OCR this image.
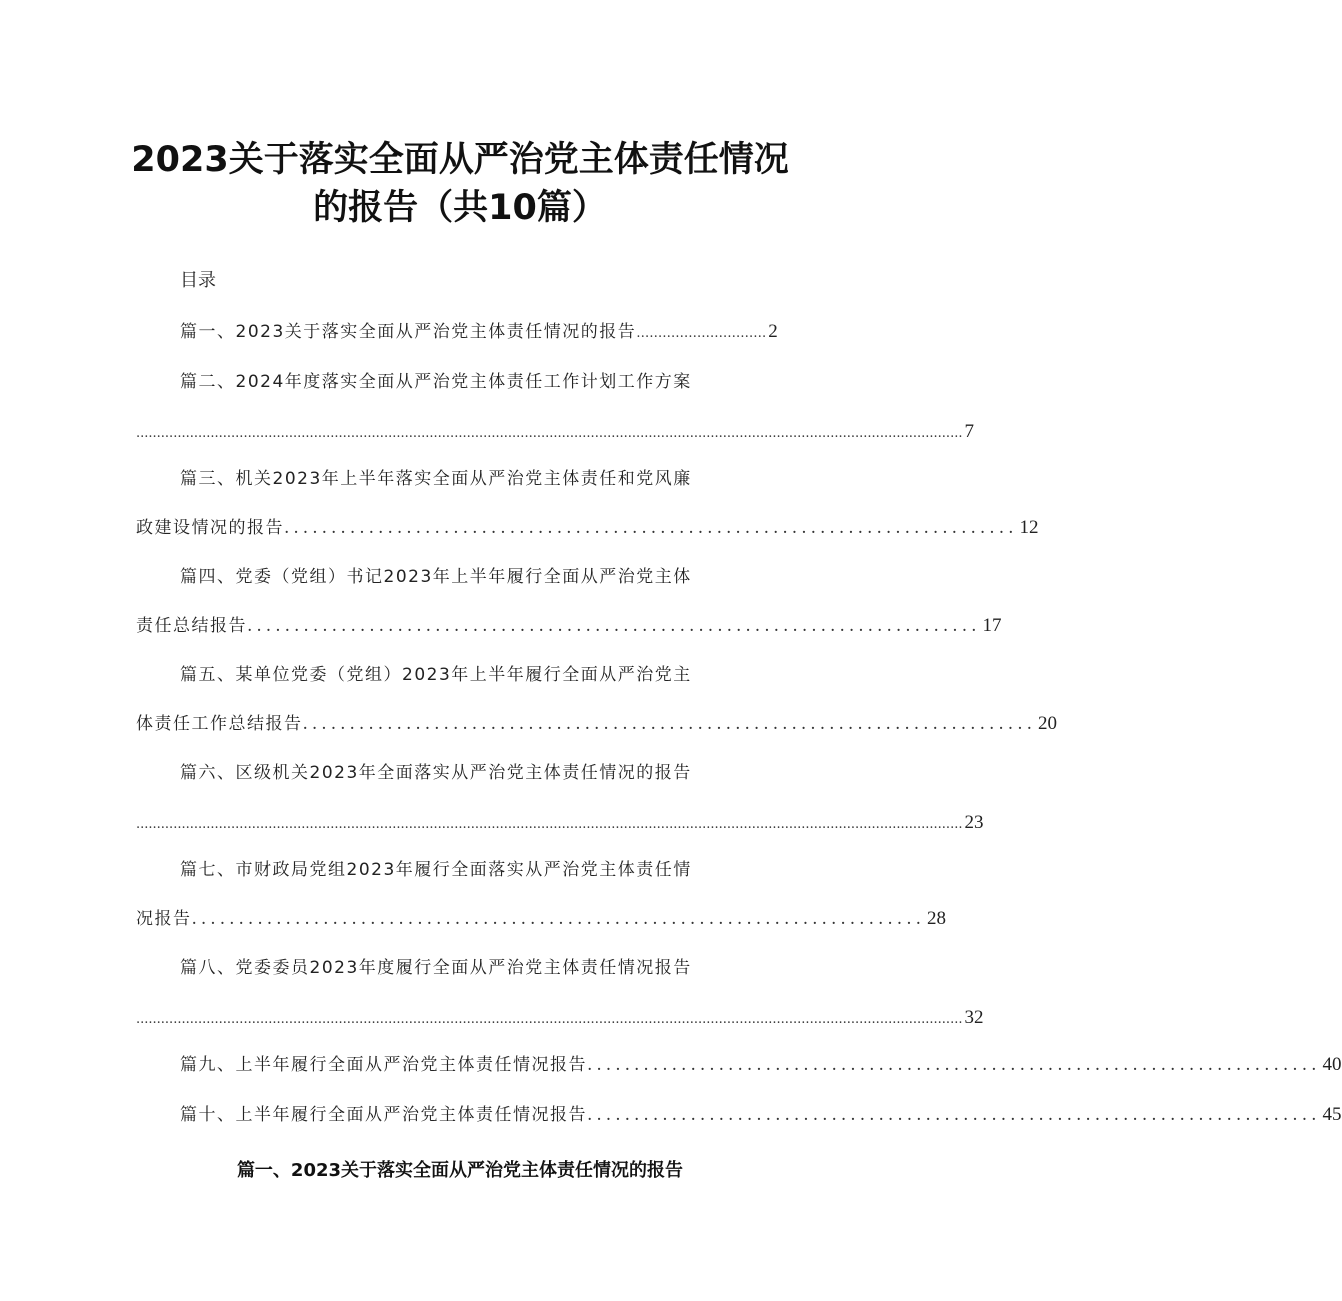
2023关于落实全面从严治党主体责任情况
的报告（共10篇）
目录
篇一、2023关于落实全面从严治党主体责任情况的报告 ………………………… 2
篇二、2024年度落实全面从严治党主体责任工作计划工作方案
........................................................................................................................................................................................................ 7
篇三、机关2023年上半年落实全面从严治党主体责任和党风廉
政建设情况的报告 .............................................................................. 12
篇四、党委（党组）书记2023年上半年履行全面从严治党主体
责任总结报告 .............................................................................. 17
篇五、某单位党委（党组）2023年上半年履行全面从严治党主
体责任工作总结报告 .............................................................................. 20
篇六、区级机关2023年全面落实从严治党主体责任情况的报告
........................................................................................................................................................................................................ 23
篇七、市财政局党组2023年履行全面落实从严治党主体责任情
况报告 .............................................................................. 28
篇八、党委委员2023年度履行全面从严治党主体责任情况报告
........................................................................................................................................................................................................ 32
篇九、上半年履行全面从严治党主体责任情况报告 .............................................................................. 40
篇十、上半年履行全面从严治党主体责任情况报告 .............................................................................. 45
篇一、2023关于落实全面从严治党主体责任情况的报告
